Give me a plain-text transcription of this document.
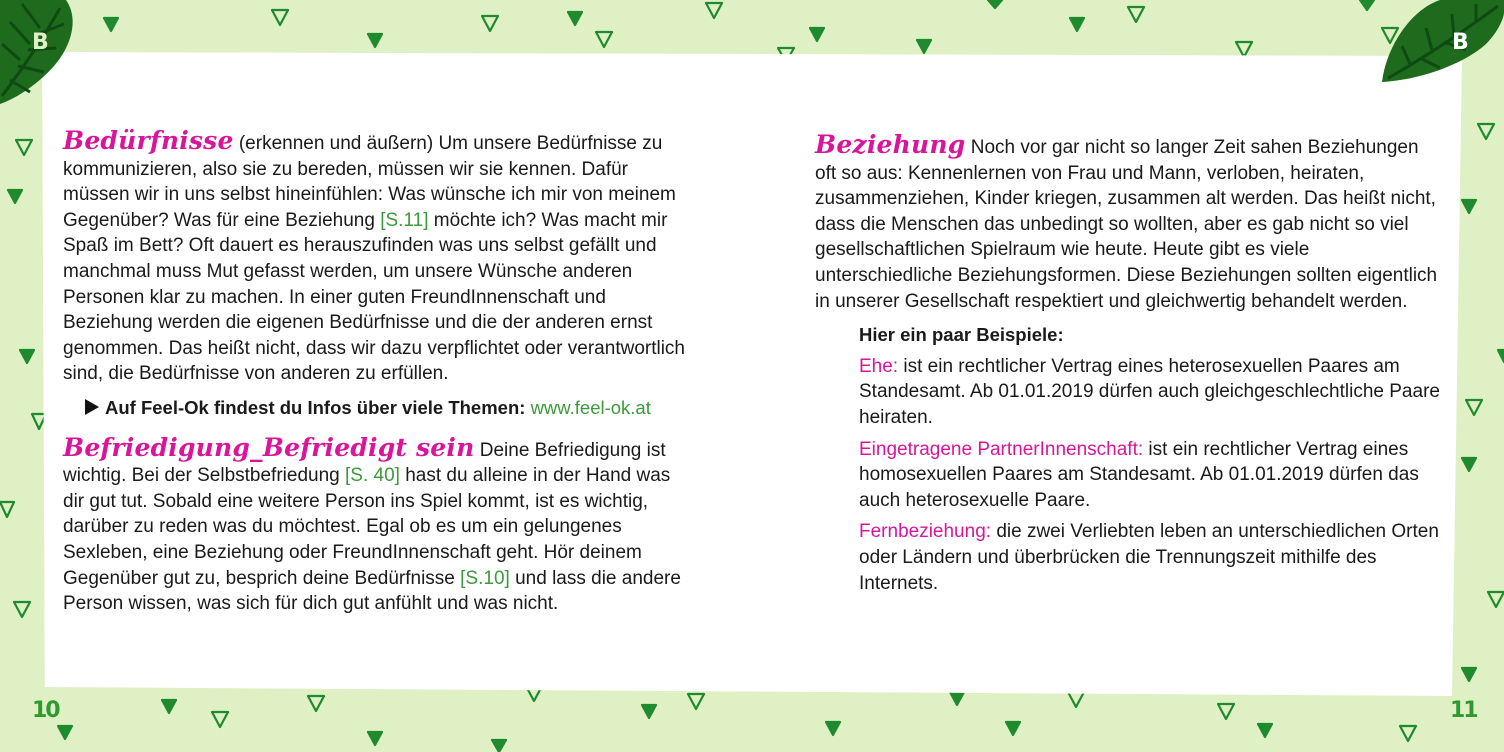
B	B

Bedürfnisse (erkennen und äußern) Um unsere Bedürfnisse zu kommunizieren, also sie zu bereden, müssen wir sie kennen. Dafür müssen wir in uns selbst hineinfühlen: Was wünsche ich mir von meinem Gegenüber? Was für eine Beziehung [S.11] möchte ich? Was macht mir Spaß im Bett? Oft dauert es herauszufinden was uns selbst gefällt und manchmal muss Mut gefasst werden, um unsere Wünsche anderen Personen klar zu machen. In einer guten FreundInnenschaft und Beziehung werden die eigenen Bedürfnisse und die der anderen ernst genommen. Das heißt nicht, dass wir dazu verpflichtet oder verantwortlich sind, die Bedürfnisse von anderen zu erfüllen.

Auf Feel-Ok findest du Infos über viele Themen: www.feel-ok.at

Befriedigung_Befriedigt sein Deine Befriedigung ist wichtig. Bei der Selbstbefriedung [S. 40] hast du alleine in der Hand was dir gut tut. Sobald eine weitere Person ins Spiel kommt, ist es wichtig, darüber zu reden was du möchtest. Egal ob es um ein gelungenes Sexleben, eine Beziehung oder FreundInnenschaft geht. Hör deinem Gegenüber gut zu, besprich deine Bedürfnisse [S.10] und lass die andere Person wissen, was sich für dich gut anfühlt und was nicht.

Beziehung Noch vor gar nicht so langer Zeit sahen Beziehungen oft so aus: Kennenlernen von Frau und Mann, verloben, heiraten, zusammenziehen, Kinder kriegen, zusammen alt werden. Das heißt nicht, dass die Menschen das unbedingt so wollten, aber es gab nicht so viel gesellschaftlichen Spielraum wie heute. Heute gibt es viele unterschiedliche Beziehungsformen. Diese Beziehungen sollten eigentlich in unserer Gesellschaft respektiert und gleichwertig behandelt werden.

Hier ein paar Beispiele:

Ehe: ist ein rechtlicher Vertrag eines heterosexuellen Paares am Standesamt. Ab 01.01.2019 dürfen auch gleichgeschlechtliche Paare heiraten.

Eingetragene PartnerInnenschaft: ist ein rechtlicher Vertrag eines homosexuellen Paares am Standesamt. Ab 01.01.2019 dürfen das auch heterosexuelle Paare.

Fernbeziehung: die zwei Verliebten leben an unterschiedlichen Orten oder Ländern und überbrücken die Trennungszeit mithilfe des Internets.

10	11
